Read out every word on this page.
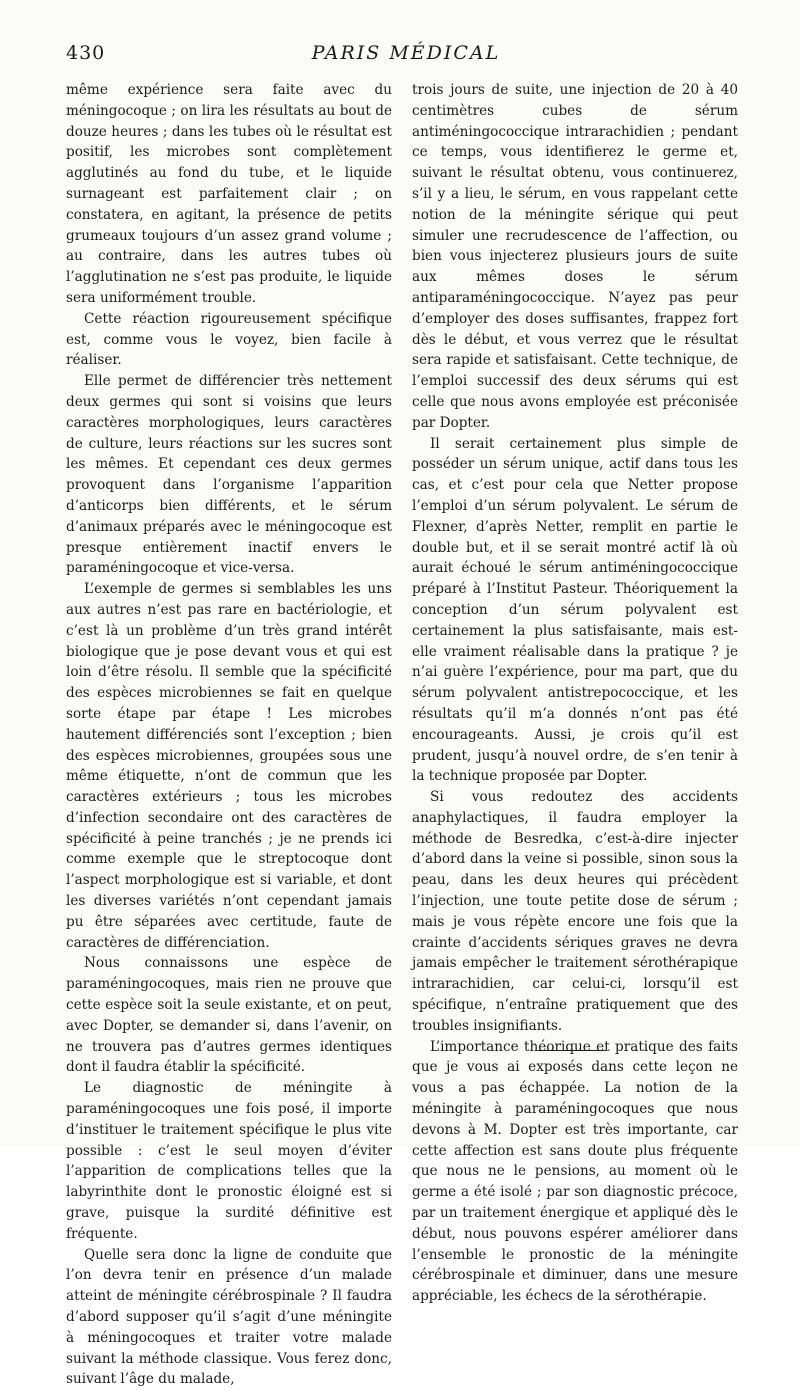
430	PARIS MÉDICAL

même expérience sera faite avec du méningocoque ; on lira les résultats au bout de douze heures ; dans les tubes où le résultat est positif, les microbes sont complètement agglutinés au fond du tube, et le liquide surnageant est parfaitement clair ; on constatera, en agitant, la présence de petits grumeaux toujours d’un assez grand volume ; au contraire, dans les autres tubes où l’agglutination ne s’est pas produite, le liquide sera uniformément trouble.

Cette réaction rigoureusement spécifique est, comme vous le voyez, bien facile à réaliser.

Elle permet de différencier très nettement deux germes qui sont si voisins que leurs caractères morphologiques, leurs caractères de culture, leurs réactions sur les sucres sont les mêmes. Et cependant ces deux germes provoquent dans l’organisme l’apparition d’anticorps bien différents, et le sérum d’animaux préparés avec le méningocoque est presque entièrement inactif envers le paraméningocoque et vice-versa.

L’exemple de germes si semblables les uns aux autres n’est pas rare en bactériologie, et c’est là un problème d’un très grand intérêt biologique que je pose devant vous et qui est loin d’être résolu. Il semble que la spécificité des espèces microbiennes se fait en quelque sorte étape par étape ! Les microbes hautement différenciés sont l’exception ; bien des espèces microbiennes, groupées sous une même étiquette, n’ont de commun que les caractères extérieurs ; tous les microbes d’infection secondaire ont des caractères de spécificité à peine tranchés ; je ne prends ici comme exemple que le streptocoque dont l’aspect morphologique est si variable, et dont les diverses variétés n’ont cependant jamais pu être séparées avec certitude, faute de caractères de différenciation.

Nous connaissons une espèce de paraméningocoques, mais rien ne prouve que cette espèce soit la seule existante, et on peut, avec Dopter, se demander si, dans l’avenir, on ne trouvera pas d’autres germes identiques dont il faudra établir la spécificité.

Le diagnostic de méningite à paraméningocoques une fois posé, il importe d’instituer le traitement spécifique le plus vite possible : c’est le seul moyen d’éviter l’apparition de complications telles que la labyrinthite dont le pronostic éloigné est si grave, puisque la surdité définitive est fréquente.

Quelle sera donc la ligne de conduite que l’on devra tenir en présence d’un malade atteint de méningite cérébrospinale ? Il faudra d’abord supposer qu’il s’agit d’une méningite à méningocoques et traiter votre malade suivant la méthode classique. Vous ferez donc, suivant l’âge du malade,

trois jours de suite, une injection de 20 à 40 centimètres cubes de sérum antiméningococcique intrarachidien ; pendant ce temps, vous identifierez le germe et, suivant le résultat obtenu, vous continuerez, s’il y a lieu, le sérum, en vous rappelant cette notion de la méningite sérique qui peut simuler une recrudescence de l’affection, ou bien vous injecterez plusieurs jours de suite aux mêmes doses le sérum antiparaméningococcique. N’ayez pas peur d’employer des doses suffisantes, frappez fort dès le début, et vous verrez que le résultat sera rapide et satisfaisant. Cette technique, de l’emploi successif des deux sérums qui est celle que nous avons employée est préconisée par Dopter.

Il serait certainement plus simple de posséder un sérum unique, actif dans tous les cas, et c’est pour cela que Netter propose l’emploi d’un sérum polyvalent. Le sérum de Flexner, d’après Netter, remplit en partie le double but, et il se serait montré actif là où aurait échoué le sérum antiméningococcique préparé à l’Institut Pasteur. Théoriquement la conception d’un sérum polyvalent est certainement la plus satisfaisante, mais est-elle vraiment réalisable dans la pratique ? je n’ai guère l’expérience, pour ma part, que du sérum polyvalent antistrepococcique, et les résultats qu’il m’a donnés n’ont pas été encourageants. Aussi, je crois qu’il est prudent, jusqu’à nouvel ordre, de s’en tenir à la technique proposée par Dopter.

Si vous redoutez des accidents anaphylactiques, il faudra employer la méthode de Besredka, c’est-à-dire injecter d’abord dans la veine si possible, sinon sous la peau, dans les deux heures qui précèdent l’injection, une toute petite dose de sérum ; mais je vous répète encore une fois que la crainte d’accidents sériques graves ne devra jamais empêcher le traitement sérothérapique intrarachidien, car celui-ci, lorsqu’il est spécifique, n’entraîne pratiquement que des troubles insignifiants.

L’importance théorique et pratique des faits que je vous ai exposés dans cette leçon ne vous a pas échappée. La notion de la méningite à paraméningocoques que nous devons à M. Dopter est très importante, car cette affection est sans doute plus fréquente que nous ne le pensions, au moment où le germe a été isolé ; par son diagnostic précoce, par un traitement énergique et appliqué dès le début, nous pouvons espérer améliorer dans l’ensemble le pronostic de la méningite cérébrospinale et diminuer, dans une mesure appréciable, les échecs de la sérothérapie.
